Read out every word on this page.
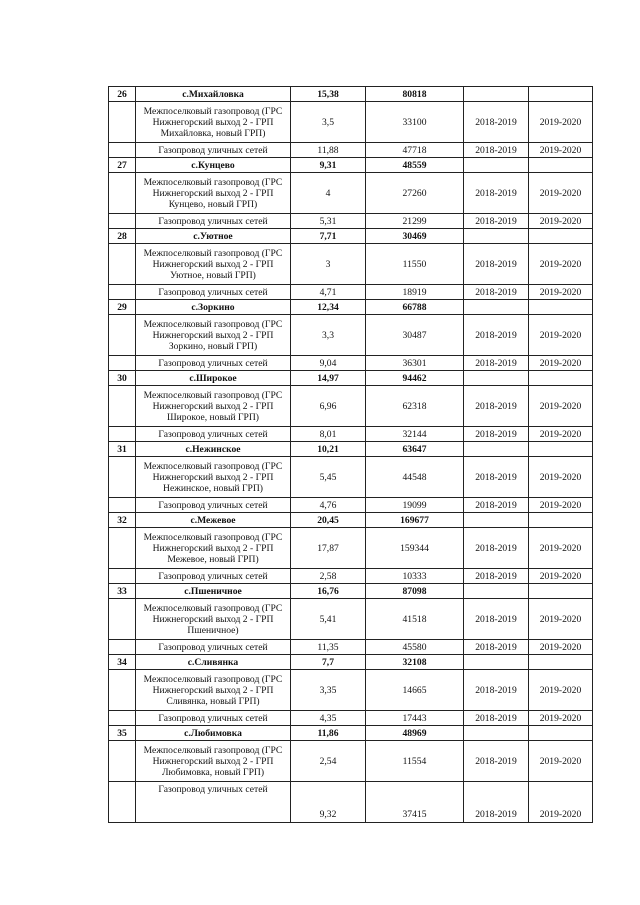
26	с.Михайловка	15,38	80818		
	Межпоселковый газопровод (ГРС Нижнегорский выход 2 - ГРП Михайловка, новый ГРП)	3,5	33100	2018-2019	2019-2020
	Газопровод уличных сетей	11,88	47718	2018-2019	2019-2020
27	с.Кунцево	9,31	48559		
	Межпоселковый газопровод (ГРС Нижнегорский выход 2 - ГРП Кунцево, новый ГРП)	4	27260	2018-2019	2019-2020
	Газопровод уличных сетей	5,31	21299	2018-2019	2019-2020
28	с.Уютное	7,71	30469		
	Межпоселковый газопровод (ГРС Нижнегорский выход 2 - ГРП Уютное, новый ГРП)	3	11550	2018-2019	2019-2020
	Газопровод уличных сетей	4,71	18919	2018-2019	2019-2020
29	с.Зоркино	12,34	66788		
	Межпоселковый газопровод (ГРС Нижнегорский выход 2 - ГРП Зоркино, новый ГРП)	3,3	30487	2018-2019	2019-2020
	Газопровод уличных сетей	9,04	36301	2018-2019	2019-2020
30	с.Широкое	14,97	94462		
	Межпоселковый газопровод (ГРС Нижнегорский выход 2 - ГРП Широкое, новый ГРП)	6,96	62318	2018-2019	2019-2020
	Газопровод уличных сетей	8,01	32144	2018-2019	2019-2020
31	с.Нежинское	10,21	63647		
	Межпоселковый газопровод (ГРС Нижнегорский выход 2 - ГРП Нежинское, новый ГРП)	5,45	44548	2018-2019	2019-2020
	Газопровод уличных сетей	4,76	19099	2018-2019	2019-2020
32	с.Межевое	20,45	169677		
	Межпоселковый газопровод (ГРС Нижнегорский выход 2 - ГРП Межевое, новый ГРП)	17,87	159344	2018-2019	2019-2020
	Газопровод уличных сетей	2,58	10333	2018-2019	2019-2020
33	с.Пшеничное	16,76	87098		
	Межпоселковый газопровод (ГРС Нижнегорский выход 2 - ГРП Пшеничное)	5,41	41518	2018-2019	2019-2020
	Газопровод уличных сетей	11,35	45580	2018-2019	2019-2020
34	с.Сливянка	7,7	32108		
	Межпоселковый газопровод (ГРС Нижнегорский выход 2 - ГРП Сливянка, новый ГРП)	3,35	14665	2018-2019	2019-2020
	Газопровод уличных сетей	4,35	17443	2018-2019	2019-2020
35	с.Любимовка	11,86	48969		
	Межпоселковый газопровод (ГРС Нижнегорский выход 2 - ГРП Любимовка, новый ГРП)	2,54	11554	2018-2019	2019-2020
	Газопровод уличных сетей	9,32	37415	2018-2019	2019-2020
